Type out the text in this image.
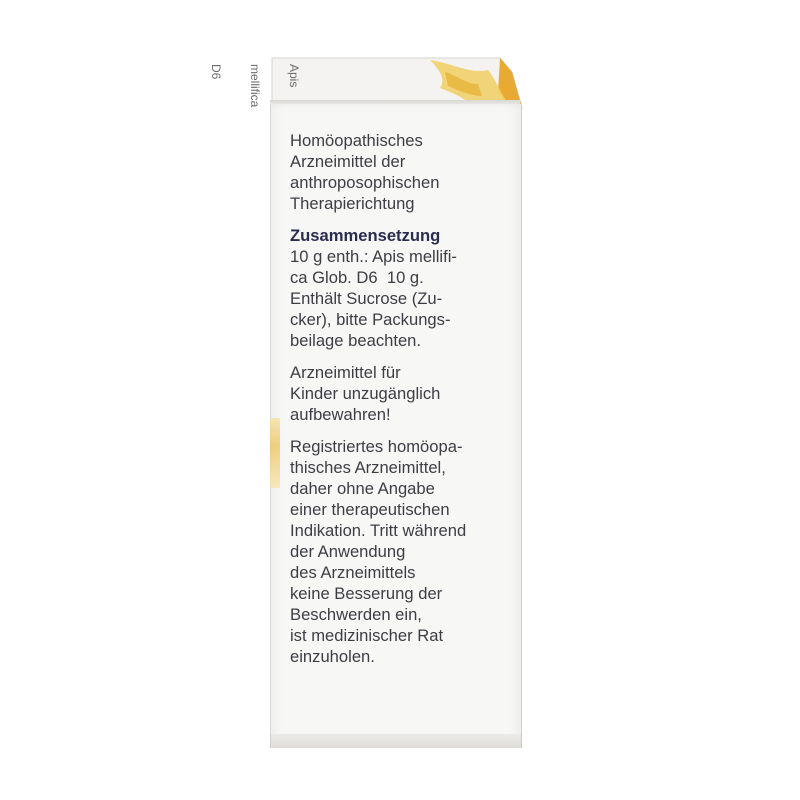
Apis

mellifica

D6

Homöopathisches
Arzneimittel der
anthroposophischen
Therapierichtung
Zusammensetzung
10 g enth.: Apis mellifi-
ca Glob. D6  10 g.
Enthält Sucrose (Zu-
cker), bitte Packungs-
beilage beachten.
Arzneimittel für
Kinder unzugänglich
aufbewahren!
Registriertes homöopa-
thisches Arzneimittel,
daher ohne Angabe
einer therapeutischen
Indikation. Tritt während
der Anwendung
des Arzneimittels
keine Besserung der
Beschwerden ein,
ist medizinischer Rat
einzuholen.
